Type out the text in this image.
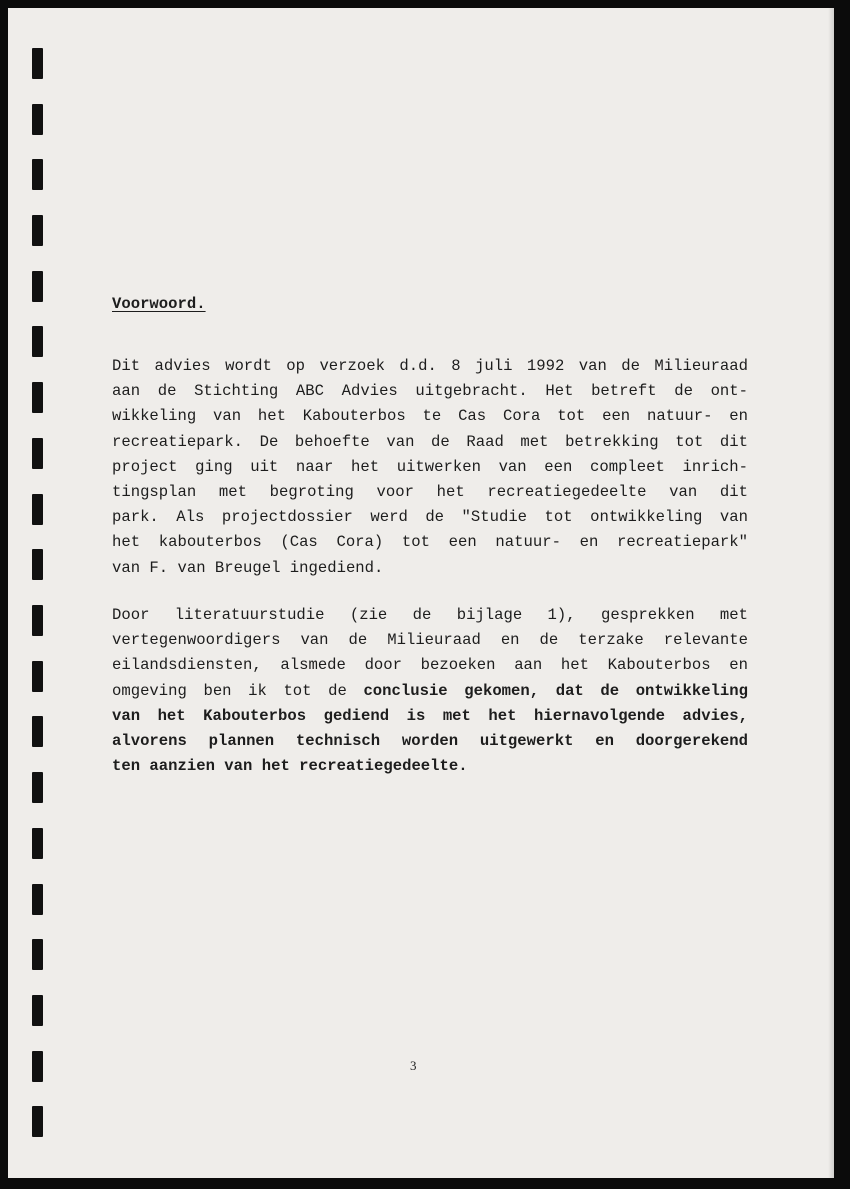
Voorwoord.
Dit advies wordt op verzoek d.d. 8 juli 1992 van de Milieuraad
aan de Stichting ABC Advies uitgebracht. Het betreft de ont-
wikkeling van het Kabouterbos te Cas Cora tot een natuur- en
recreatiepark. De behoefte van de Raad met betrekking tot dit
project ging uit naar het uitwerken van een compleet inrich-
tingsplan met begroting voor het recreatiegedeelte van dit
park. Als projectdossier werd de "Studie tot ontwikkeling van
het kabouterbos (Cas Cora) tot een natuur- en recreatiepark"
van F. van Breugel ingediend.
Door literatuurstudie (zie de bijlage 1), gesprekken met
vertegenwoordigers van de Milieuraad en de terzake relevante
eilandsdiensten, alsmede door bezoeken aan het Kabouterbos en
omgeving ben ik tot de conclusie gekomen, dat de ontwikkeling
van het Kabouterbos gediend is met het hiernavolgende advies,
alvorens plannen technisch worden uitgewerkt en doorgerekend
ten aanzien van het recreatiegedeelte.
3
